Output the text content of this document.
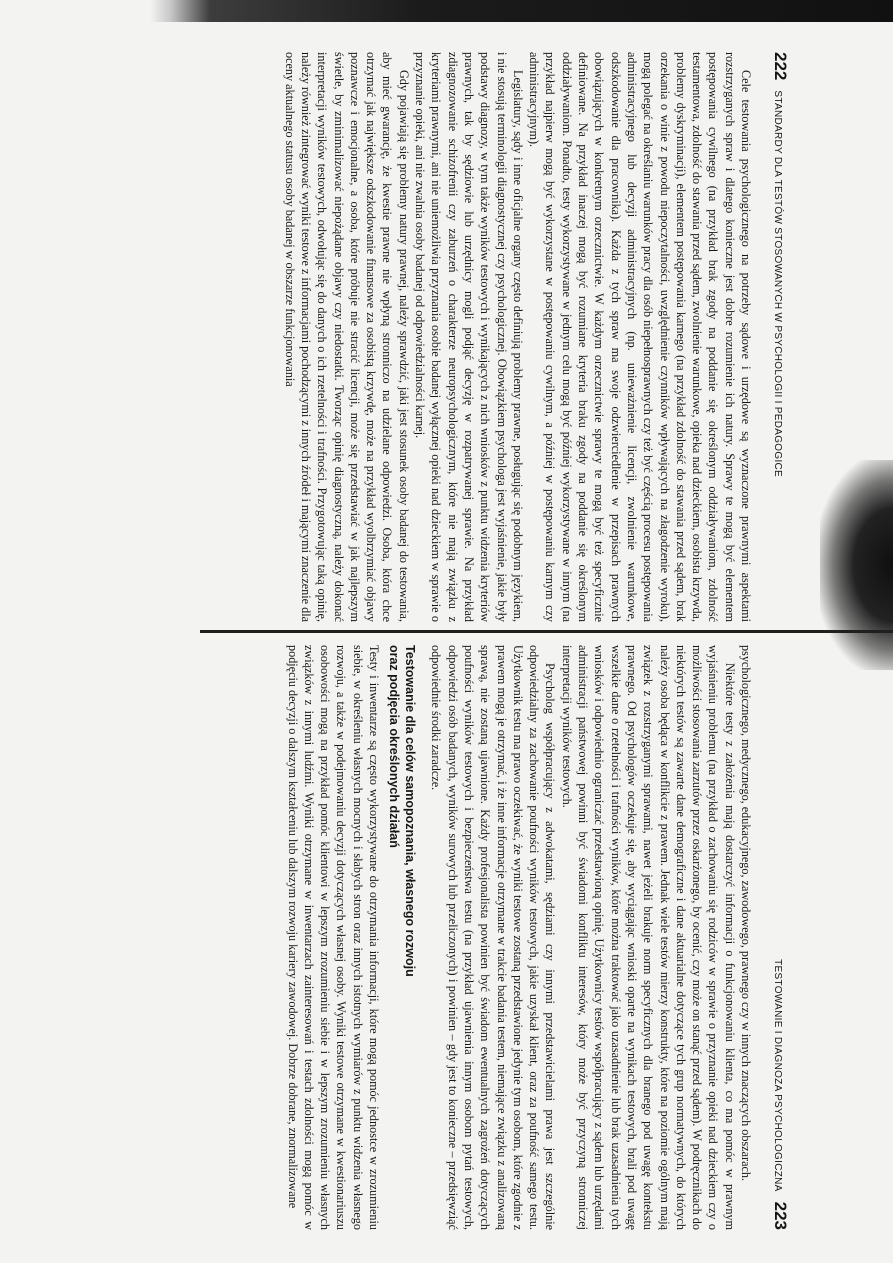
222
STANDARDY DLA TESTÓW STOSOWANYCH W PSYCHOLOGII I PEDAGOGICE

Cele testowania psychologicznego na potrzeby sądowe i urzędowe są wyznaczone prawnymi aspektami rozstrzyganych spraw i dlatego konieczne jest dobre rozumienie ich natury. Sprawy te mogą być elementem postępowania cywilnego (na przykład brak zgody na poddanie się określonym oddziaływaniom, zdolność testamentowa, zdolność do stawania przed sądem, zwolnienie warunkowe, opieka nad dzieckiem, osobista krzywda, problemy dyskryminacji), elementem postępowania karnego (na przykład zdolność do stawania przed sądem, brak orzekania o winie z powodu niepoczytalności, uwzględnienie czynników wpływających na złagodzenie wyroku), mogą polegać na określaniu warunków pracy dla osób niepełnosprawnych czy też być częścią procesu postępowania administracyjnego lub decyzji administracyjnych (np. unieważnienie licencji, zwolnienie warunkowe, odszkodowanie dla pracownika). Każda z tych spraw ma swoje odzwierciedlenie w przepisach prawnych obowiązujących w konkretnym orzecznictwie. W każdym orzecznictwie sprawy te mogą być też specyficznie definiowane. Na przykład inaczej mogą być rozumiane kryteria braku zgody na poddanie się określonym oddziaływaniom. Ponadto, testy wykorzystywane w jednym celu mogą być później wykorzystywane w innym (na przykład najpierw mogą być wykorzystane w postępowaniu cywilnym, a później w postępowaniu karnym czy administracyjnym).

Legislatury, sądy i inne oficjalne organy często definiują problemy prawne, posługując się podobnym językiem, i nie stosują terminologii diagnostycznej czy psychologicznej. Obowiązkiem psychologa jest wyjaśnienie, jakie były podstawy diagnozy, w tym także wyników testowych i wynikających z nich wniosków z punktu widzenia kryteriów prawnych, tak by sędziowie lub urzędnicy mogli podjąć decyzję w rozpatrywanej sprawie. Na przykład zdiagnozowanie schizofrenii czy zaburzeń o charakterze neuropsychologicznym, które nie mają związku z kryteriami prawnymi, ani nie uniemożliwia przyznania osobie badanej wyłącznej opieki nad dzieckiem w sprawie o przyznanie opieki, ani nie zwalnia osoby badanej od odpowiedzialności karnej.

Gdy pojawiają się problemy natury prawnej, należy sprawdzić, jaki jest stosunek osoby badanej do testowania, aby mieć gwarancję, że kwestie prawne nie wpłyną stronniczo na udzielane odpowiedzi. Osoba, która chce otrzymać jak największe odszkodowanie finansowe za osobistą krzywdę, może na przykład wyolbrzymiać objawy poznawcze i emocjonalne, a osoba, które próbuje nie stracić licencji, może się przedstawiać w jak najlepszym świetle, by zminimalizować niepożądane objawy czy niedostatki. Tworząc opinię diagnostyczną, należy dokonać interpretacji wyników testowych, odwołując się do danych o ich rzetelności i trafności. Przygotowując taką opinię, należy również zintegrować wyniki testowe z informacjami pochodzącymi z innych źródeł i mającymi znaczenie dla oceny aktualnego statusu osoby badanej w obszarze funkcjonowania

TESTOWANIE I DIAGNOZA PSYCHOLOGICZNA
223

psychologicznego, medycznego, edukacyjnego, zawodowego, prawnego czy w innych znaczących obszarach.

Niektóre testy z założenia mają dostarczyć informacji o funkcjonowaniu klienta, co ma pomóc w prawnym wyjaśnieniu problemu (na przykład o zachowaniu się rodziców w sprawie o przyznanie opieki nad dzieckiem czy o możliwości stosowania zarzutów przez oskarżonego, by ocenić, czy może on stanąć przed sądem). W podręcznikach do niektórych testów są zawarte dane demograficzne i dane aktuarialne dotyczące tych grup normatywnych, do których należy osoba będąca w konflikcie z prawem. Jednak wiele testów mierzy konstrukty, które na poziomie ogólnym mają związek z rozstrzyganymi sprawami, nawet jeżeli brakuje norm specyficznych dla branego pod uwagę kontekstu prawnego. Od psychologów oczekuje się, aby wyciągając wnioski oparte na wynikach testowych, brali pod uwagę wszelkie dane o rzetelności i trafności wyników, które można traktować jako uzasadnienie lub brak uzasadnienia tych wniosków i odpowiednio ograniczać przedstawioną opinię. Użytkownicy testów współpracujący z sądem lub urzędami administracji państwowej powinni być świadomi konfliktu interesów, który może być przyczyną stronniczej interpretacji wyników testowych.

Psycholog współpracujący z adwokatami, sędziami czy innymi przedstawicielami prawa jest szczególnie odpowiedzialny za zachowanie poufności wyników testowych, jakie uzyskał klient, oraz za poufność samego testu. Użytkownik testu ma prawo oczekiwać, że wyniki testowe zostaną przedstawione jedynie tym osobom, które zgodnie z prawem mogą je otrzymać, i że inne informacje otrzymane w trakcie badania testem, niemające związku z analizowaną sprawą, nie zostaną ujawnione. Każdy profesjonalista powinien być świadom ewentualnych zagrożeń dotyczących poufności wyników testowych i bezpieczeństwa testu (na przykład ujawnienia innym osobom pytań testowych, odpowiedzi osób badanych, wyników surowych lub przeliczonych) i powinien – gdy jest to konieczne – przedsięwziąć odpowiednie środki zaradcze.

Testowanie dla celów samopoznania, własnego rozwoju
oraz podjęcia określonych działań

Testy i inwentarze są często wykorzystywane do otrzymania informacji, które mogą pomóc jednostce w zrozumieniu siebie, w określeniu własnych mocnych i słabych stron oraz innych istotnych wymiarów z punktu widzenia własnego rozwoju, a także w podejmowaniu decyzji dotyczących własnej osoby. Wyniki testowe otrzymane w kwestionariuszu osobowości mogą na przykład pomóc klientowi w lepszym zrozumieniu siebie i w lepszym zrozumieniu własnych związków z innymi ludźmi. Wyniki otrzymane w inwentarzach zainteresowań i testach zdolności mogą pomóc w podjęciu decyzji o dalszym kształceniu lub dalszym rozwoju kariery zawodowej. Dobrze dobrane, znormalizowane
